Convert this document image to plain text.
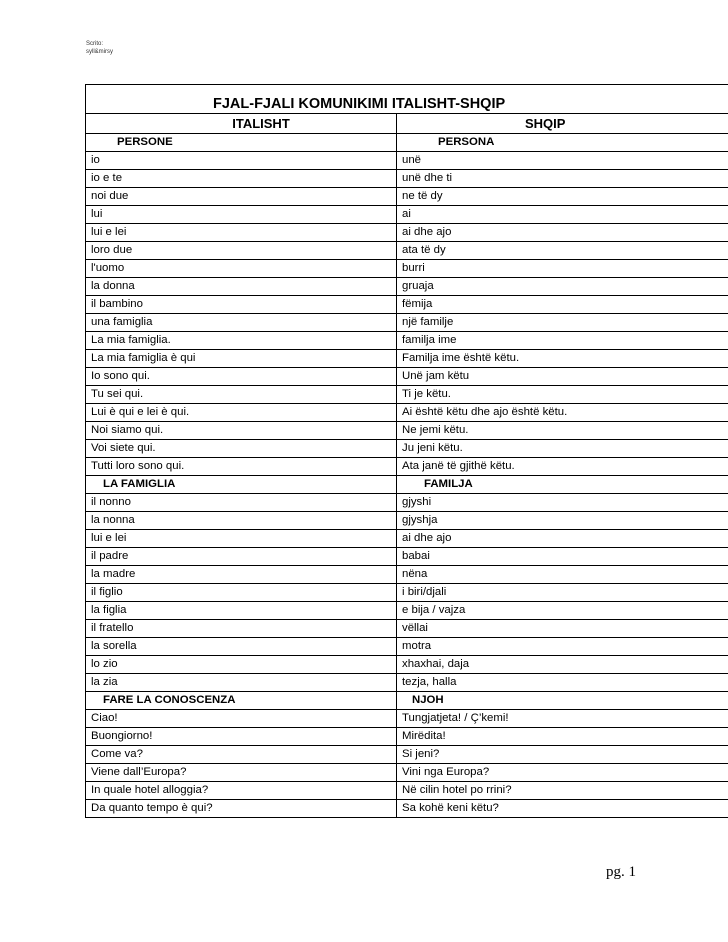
Scrito:
syll&mirsy
FJAL-FJALI KOMUNIKIMI ITALISHT-SHQIP	
ITALISHT	SHQIP
PERSONE	PERSONA
io	unë
io e te	unë dhe ti
noi due	ne të dy
lui	ai
lui e lei	ai dhe ajo
loro due	ata të dy
l'uomo	burri
la donna	gruaja
il bambino	fëmija
una famiglia	një familje
La mia famiglia.	familja ime
La mia famiglia è qui	Familja ime është këtu.
Io sono qui.	Unë jam këtu
Tu sei qui.	Ti je këtu.
Lui è qui e lei è qui.	Ai është këtu dhe ajo është këtu.
Noi siamo qui.	Ne jemi këtu.
Voi siete qui.	Ju jeni këtu.
Tutti loro sono qui.	Ata janë të gjithë këtu.
LA FAMIGLIA	FAMILJA
il nonno	gjyshi
la nonna	gjyshja
lui e lei	ai dhe ajo
il padre	babai
la madre	nëna
il figlio	i biri/djali
la figlia	e bija / vajza
il fratello	vëllai
la sorella	motra
lo zio	xhaxhai, daja
la zia	tezja, halla
FARE LA CONOSCENZA	NJOH
Ciao!	Tungjatjeta! / Ç’kemi!
Buongiorno!	Mirëdita!
Come va?	Si jeni?
Viene dall’Europa?	Vini nga Europa?
In quale hotel alloggia?	Në cilin hotel po rrini?
Da quanto tempo è qui?	Sa kohë keni këtu?
pg. 1
